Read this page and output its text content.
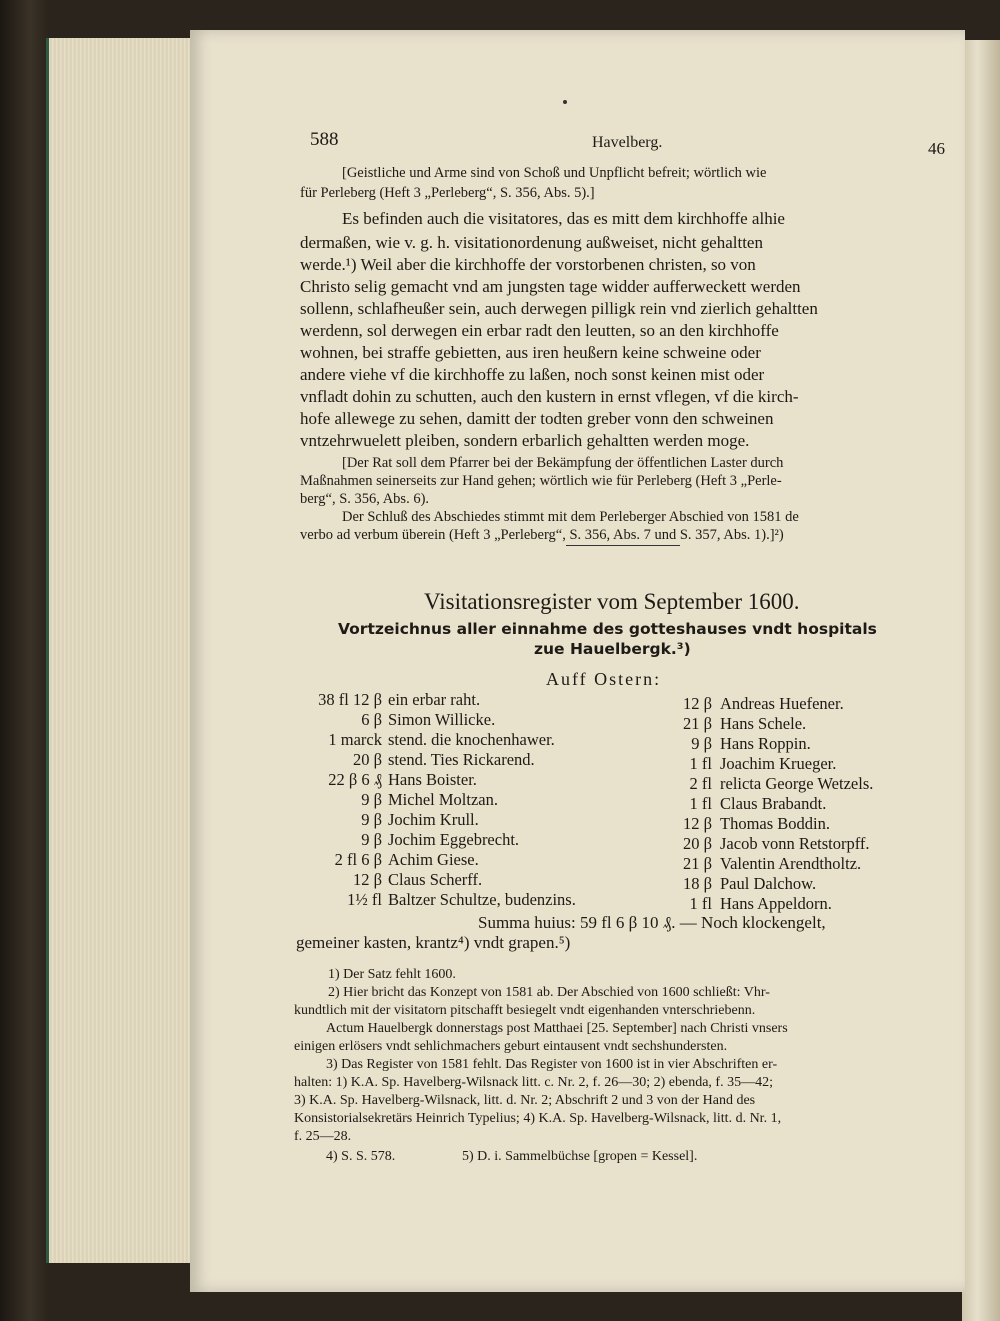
588	Havelberg.	46
[Geistliche und Arme sind von Schoß und Unpflicht befreit; wörtlich wie
für Perleberg (Heft 3 „Perleberg“, S. 356, Abs. 5).]
Es befinden auch die visitatores, das es mitt dem kirchhoffe alhie
dermaßen, wie v. g. h. visitationordenung außweiset, nicht gehaltten
werde.¹) Weil aber die kirchhoffe der vorstorbenen christen, so von
Christo selig gemacht vnd am jungsten tage widder aufferweckett werden
sollenn, schlafheußer sein, auch derwegen pilligk rein vnd zierlich gehaltten
werdenn, sol derwegen ein erbar radt den leutten, so an den kirchhoffe
wohnen, bei straffe gebietten, aus iren heußern keine schweine oder
andere viehe vf die kirchhoffe zu laßen, noch sonst keinen mist oder
vnfladt dohin zu schutten, auch den kustern in ernst vflegen, vf die kirch-
hofe allewege zu sehen, damitt der todten greber vonn den schweinen
vntzehrwuelett pleiben, sondern erbarlich gehaltten werden moge.
[Der Rat soll dem Pfarrer bei der Bekämpfung der öffentlichen Laster durch
Maßnahmen seinerseits zur Hand gehen; wörtlich wie für Perleberg (Heft 3 „Perle-
berg“, S. 356, Abs. 6).
Der Schluß des Abschiedes stimmt mit dem Perleberger Abschied von 1581 de
verbo ad verbum überein (Heft 3 „Perleberg“, S. 356, Abs. 7 und S. 357, Abs. 1).]²)
Visitationsregister vom September 1600.
Vortzeichnus aller einnahme des gotteshauses vndt hospitals
zue Hauelbergk.³)
Auff Ostern:
38 fl 12 β ein erbar raht.
6 β Simon Willicke.
1 marck stend. die knochenhawer.
20 β stend. Ties Rickarend.
22 β 6 ₰ Hans Boister.
9 β Michel Moltzan.
9 β Jochim Krull.
9 β Jochim Eggebrecht.
2 fl 6 β Achim Giese.
12 β Claus Scherff.
1½ fl Baltzer Schultze, budenzins.
12 β Andreas Huefener.
21 β Hans Schele.
9 β Hans Roppin.
1 fl Joachim Krueger.
2 fl relicta George Wetzels.
1 fl Claus Brabandt.
12 β Thomas Boddin.
20 β Jacob vonn Retstorpff.
21 β Valentin Arendtholtz.
18 β Paul Dalchow.
1 fl Hans Appeldorn.
Summa huius: 59 fl 6 β 10 ₰. — Noch klockengelt,
gemeiner kasten, krantz⁴) vndt grapen.⁵)
1) Der Satz fehlt 1600.
2) Hier bricht das Konzept von 1581 ab. Der Abschied von 1600 schließt: Vhr-
kundtlich mit der visitatorn pitschafft besiegelt vndt eigenhanden vnterschriebenn.
Actum Hauelbergk donnerstags post Matthaei [25. September] nach Christi vnsers
einigen erlösers vndt sehlichmachers geburt eintausent vndt sechshundersten.
3) Das Register von 1581 fehlt. Das Register von 1600 ist in vier Abschriften er-
halten: 1) K.A. Sp. Havelberg-Wilsnack litt. c. Nr. 2, f. 26—30; 2) ebenda, f. 35—42;
3) K.A. Sp. Havelberg-Wilsnack, litt. d. Nr. 2; Abschrift 2 und 3 von der Hand des
Konsistorialsekretärs Heinrich Typelius; 4) K.A. Sp. Havelberg-Wilsnack, litt. d. Nr. 1,
f. 25—28.
4) S. S. 578.	5) D. i. Sammelbüchse [gropen = Kessel].
